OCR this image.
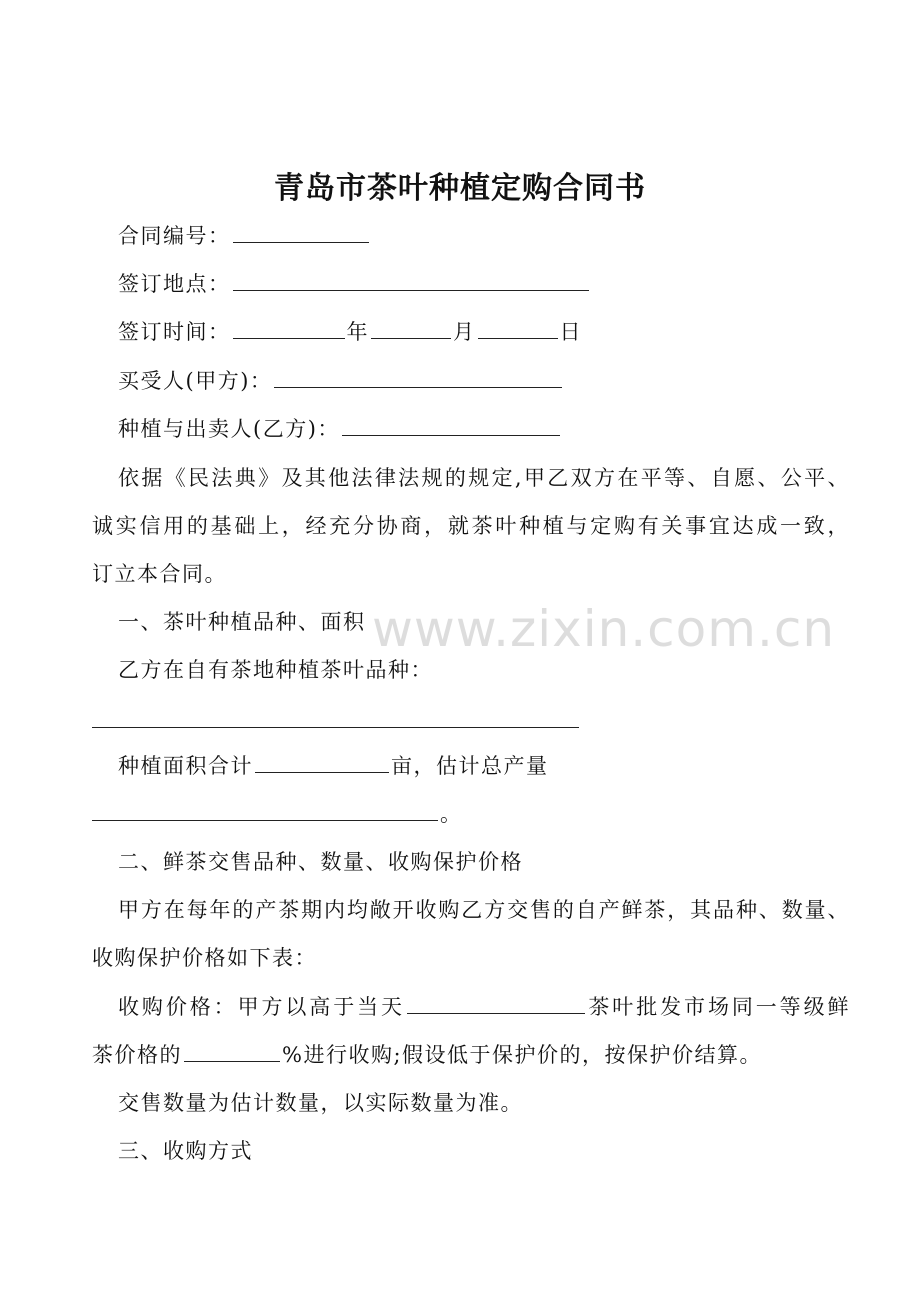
青岛市茶叶种植定购合同书
合同编号：
签订地点：
签订时间：	年	月	日
买受人(甲方)：
种植与出卖人(乙方)：
依据《民法典》及其他法律法规的规定,甲乙双方在平等、自愿、公平、
诚实信用的基础上，经充分协商，就茶叶种植与定购有关事宜达成一致，
订立本合同。
一、茶叶种植品种、面积
乙方在自有茶地种植茶叶品种：
种植面积合计	亩，估计总产量
。
二、鲜茶交售品种、数量、收购保护价格
甲方在每年的产茶期内均敞开收购乙方交售的自产鲜茶，其品种、数量、
收购保护价格如下表：
收购价格：甲方以高于当天	茶叶批发市场同一等级鲜
茶价格的	%进行收购;假设低于保护价的，按保护价结算。
交售数量为估计数量，以实际数量为准。
三、收购方式
www.zixin.com.cn
